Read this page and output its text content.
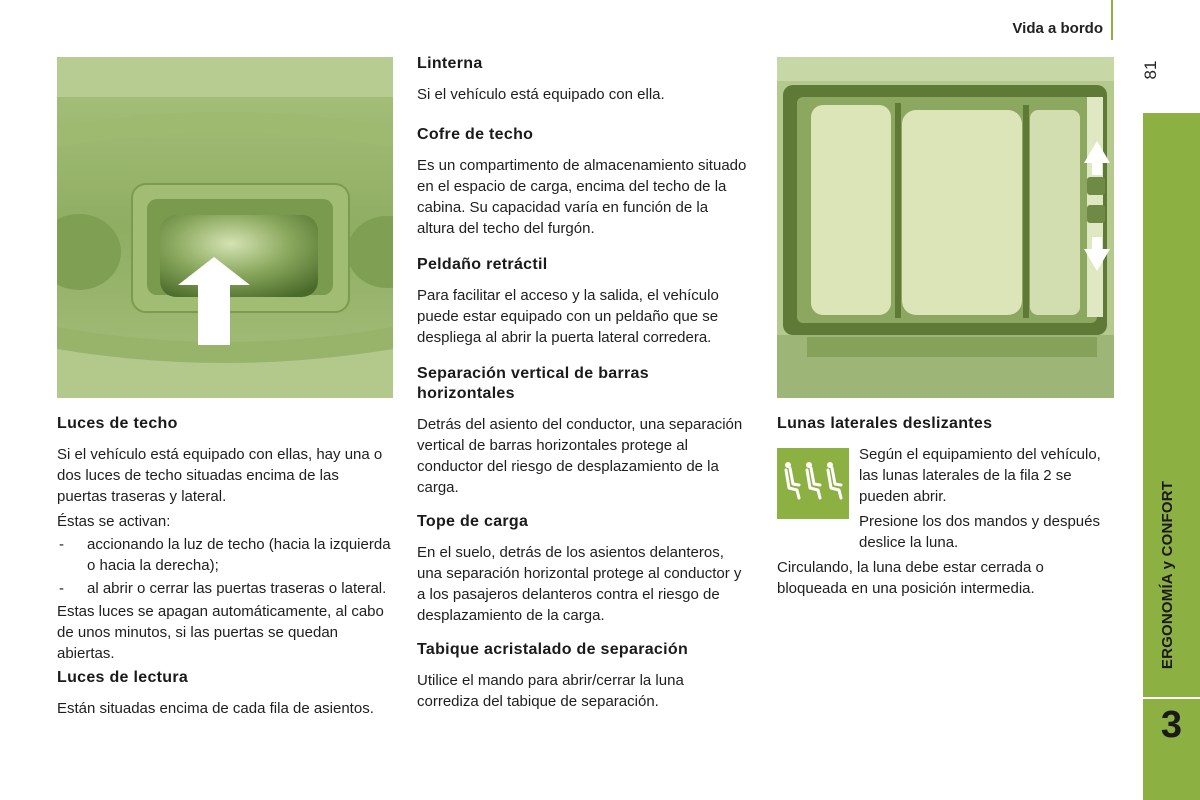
Vida a bordo
81
ERGONOMÍA y CONFORT
3
Luces de techo

Si el vehículo está equipado con ellas, hay una o dos luces de techo situadas encima de las puertas traseras y lateral.

Éstas se activan:

- accionando la luz de techo (hacia la izquierda o hacia la derecha);
- al abrir o cerrar las puertas traseras o lateral.

Estas luces se apagan automáticamente, al cabo de unos minutos, si las puertas se quedan abiertas.

Luces de lectura

Están situadas encima de cada fila de asientos.

Linterna

Si el vehículo está equipado con ella.

Cofre de techo

Es un compartimento de almacenamiento situado en el espacio de carga, encima del techo de la cabina. Su capacidad varía en función de la altura del techo del furgón.

Peldaño retráctil

Para facilitar el acceso y la salida, el vehículo puede estar equipado con un peldaño que se despliega al abrir la puerta lateral corredera.

Separación vertical de barras horizontales

Detrás del asiento del conductor, una separación vertical de barras horizontales protege al conductor del riesgo de desplazamiento de la carga.

Tope de carga

En el suelo, detrás de los asientos delanteros, una separación horizontal protege al conductor y a los pasajeros delanteros contra el riesgo de desplazamiento de la carga.

Tabique acristalado de separación

Utilice el mando para abrir/cerrar la luna corrediza del tabique de separación.

Lunas laterales deslizantes

Según el equipamiento del vehículo, las lunas laterales de la fila 2 se pueden abrir.

Presione los dos mandos y después deslice la luna.

Circulando, la luna debe estar cerrada o bloqueada en una posición intermedia.
